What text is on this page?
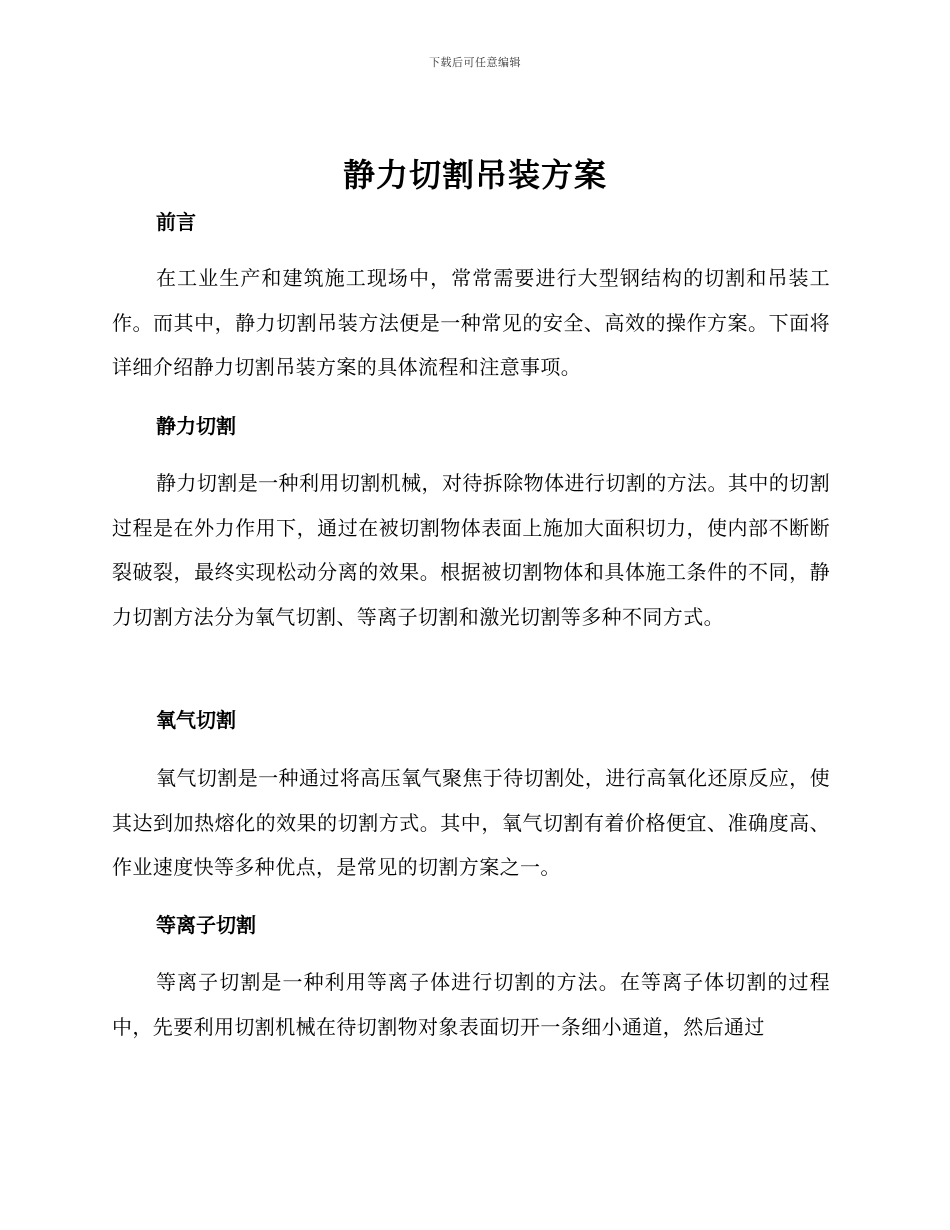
下载后可任意编辑
静力切割吊装方案
前言
在工业生产和建筑施工现场中，常常需要进行大型钢结构的切割和吊装工作。而其中，静力切割吊装方法便是一种常见的安全、高效的操作方案。下面将详细介绍静力切割吊装方案的具体流程和注意事项。
静力切割
静力切割是一种利用切割机械，对待拆除物体进行切割的方法。其中的切割过程是在外力作用下，通过在被切割物体表面上施加大面积切力，使内部不断断裂破裂，最终实现松动分离的效果。根据被切割物体和具体施工条件的不同，静力切割方法分为氧气切割、等离子切割和激光切割等多种不同方式。
氧气切割
氧气切割是一种通过将高压氧气聚焦于待切割处，进行高氧化还原反应，使其达到加热熔化的效果的切割方式。其中，氧气切割有着价格便宜、准确度高、作业速度快等多种优点，是常见的切割方案之一。
等离子切割
等离子切割是一种利用等离子体进行切割的方法。在等离子体切割的过程中，先要利用切割机械在待切割物对象表面切开一条细小通道，然后通过
